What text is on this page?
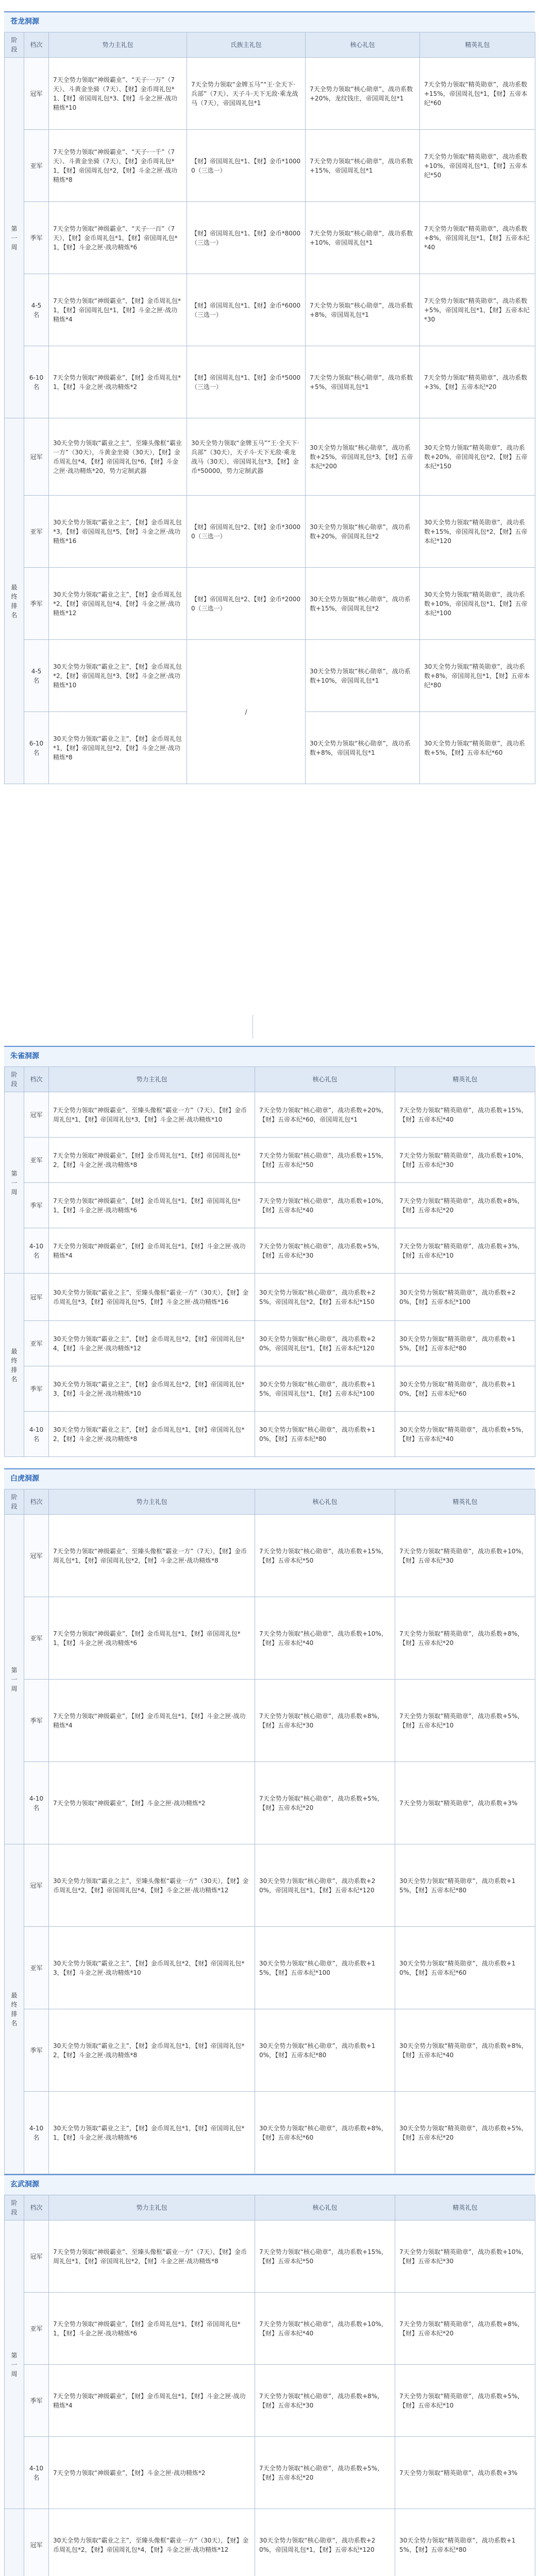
苍龙洞源
阶段	档次	势力主礼包	氏族主礼包	核心礼包	精英礼包
第一周	冠军	7天全势力领取“神级霸业”、“天子·一万”（7天）、斗黄金坐骑（7天）、【财】金币周礼包*1、【财】帝国周礼包*3、【财】斗金之匣·战功精炼*10	7天全势力领取“金牌玉马”“王·全天下·兵部”（7天）、天子斗·天下无敌·乘龙战马（7天），帝国周礼包*1	7天全势力领取“核心勋章”，战功系数+20%，龙纹钱庄，帝国周礼包*1	7天全势力领取“精英勋章”，战功系数+15%，帝国周礼包*1，【财】五帝本纪*60
	亚军	7天全势力领取“神级霸业”、“天子·一千”（7天）、斗黄金坐骑（7天），【财】金币周礼包*1，【财】帝国周礼包*2，【财】斗金之匣·战功精炼*8	【财】帝国周礼包*1、【财】金币*10000（三选一）	7天全势力领取“核心勋章”，战功系数+15%，帝国周礼包*1	7天全势力领取“精英勋章”，战功系数+10%，帝国周礼包*1，【财】五帝本纪*50
	季军	7天全势力领取“神级霸业”、“天子·一百”（7天），【财】金币周礼包*1，【财】帝国周礼包*1，【财】斗金之匣·战功精炼*6	【财】帝国周礼包*1、【财】金币*8000（三选一）	7天全势力领取“核心勋章”，战功系数+10%，帝国周礼包*1	7天全势力领取“精英勋章”，战功系数+8%，帝国周礼包*1，【财】五帝本纪*40
	4-5名	7天全势力领取“神级霸业”，【财】金币周礼包*1，【财】帝国周礼包*1，【财】斗金之匣·战功精炼*4	【财】帝国周礼包*1、【财】金币*6000（三选一）	7天全势力领取“核心勋章”，战功系数+8%，帝国周礼包*1	7天全势力领取“精英勋章”，战功系数+5%，帝国周礼包*1，【财】五帝本纪*30
	6-10名	7天全势力领取“神级霸业”，【财】金币周礼包*1，【财】斗金之匣·战功精炼*2	【财】帝国周礼包*1、【财】金币*5000（三选一）	7天全势力领取“核心勋章”，战功系数+5%，帝国周礼包*1	7天全势力领取“精英勋章”，战功系数+3%，【财】五帝本纪*20
最终排名	冠军	30天全势力领取“霸业之主”，至臻头像框“霸业一方”（30天），斗黄金坐骑（30天），【财】金币周礼包*4，【财】帝国周礼包*6，【财】斗金之匣·战功精炼*20，势力定制武器	30天全势力领取“金牌玉马”“王·全天下·兵部”（30天），天子斗·天下无敌·乘龙战马（30天），帝国周礼包*3，【财】金币*50000，势力定制武器	30天全势力领取“核心勋章”，战功系数+25%，帝国周礼包*3，【财】五帝本纪*200	30天全势力领取“精英勋章”，战功系数+20%，帝国周礼包*2，【财】五帝本纪*150
	亚军	30天全势力领取“霸业之主”，【财】金币周礼包*3，【财】帝国周礼包*5，【财】斗金之匣·战功精炼*16	【财】帝国周礼包*2、【财】金币*30000（三选一）	30天全势力领取“核心勋章”，战功系数+20%，帝国周礼包*2	30天全势力领取“精英勋章”，战功系数+15%，帝国周礼包*2，【财】五帝本纪*120
	季军	30天全势力领取“霸业之主”，【财】金币周礼包*2，【财】帝国周礼包*4，【财】斗金之匣·战功精炼*12	【财】帝国周礼包*2、【财】金币*20000（三选一）	30天全势力领取“核心勋章”，战功系数+15%，帝国周礼包*2	30天全势力领取“精英勋章”，战功系数+10%，帝国周礼包*1，【财】五帝本纪*100
	4-5名	30天全势力领取“霸业之主”，【财】金币周礼包*2，【财】帝国周礼包*3，【财】斗金之匣·战功精炼*10	/	30天全势力领取“核心勋章”，战功系数+10%，帝国周礼包*1	30天全势力领取“精英勋章”，战功系数+8%，帝国周礼包*1，【财】五帝本纪*80
	6-10名	30天全势力领取“霸业之主”，【财】金币周礼包*1，【财】帝国周礼包*2，【财】斗金之匣·战功精炼*8		30天全势力领取“核心勋章”，战功系数+8%，帝国周礼包*1	30天全势力领取“精英勋章”，战功系数+5%，【财】五帝本纪*60
朱雀洞源
阶段	档次	势力主礼包	核心礼包	精英礼包
第一周	冠军	7天全势力领取“神级霸业”、至臻头像框“霸业一方”（7天），【财】金币周礼包*1，【财】帝国周礼包*3，【财】斗金之匣·战功精炼*10	7天全势力领取“核心勋章”，战功系数+20%，【财】五帝本纪*60，帝国周礼包*1	7天全势力领取“精英勋章”，战功系数+15%，【财】五帝本纪*40
	亚军	7天全势力领取“神级霸业”，【财】金币周礼包*1，【财】帝国周礼包*2，【财】斗金之匣·战功精炼*8	7天全势力领取“核心勋章”，战功系数+15%，【财】五帝本纪*50	7天全势力领取“精英勋章”，战功系数+10%，【财】五帝本纪*30
	季军	7天全势力领取“神级霸业”，【财】金币周礼包*1，【财】帝国周礼包*1，【财】斗金之匣·战功精炼*6	7天全势力领取“核心勋章”，战功系数+10%，【财】五帝本纪*40	7天全势力领取“精英勋章”，战功系数+8%，【财】五帝本纪*20
	4-10名	7天全势力领取“神级霸业”，【财】金币周礼包*1，【财】斗金之匣·战功精炼*4	7天全势力领取“核心勋章”，战功系数+5%，【财】五帝本纪*30	7天全势力领取“精英勋章”，战功系数+3%，【财】五帝本纪*10
最终排名	冠军	30天全势力领取“霸业之主”，至臻头像框“霸业一方”（30天），【财】金币周礼包*3，【财】帝国周礼包*5，【财】斗金之匣·战功精炼*16	30天全势力领取“核心勋章”，战功系数+25%，帝国周礼包*2，【财】五帝本纪*150	30天全势力领取“精英勋章”，战功系数+20%，【财】五帝本纪*100
	亚军	30天全势力领取“霸业之主”，【财】金币周礼包*2，【财】帝国周礼包*4，【财】斗金之匣·战功精炼*12	30天全势力领取“核心勋章”，战功系数+20%，帝国周礼包*1，【财】五帝本纪*120	30天全势力领取“精英勋章”，战功系数+15%，【财】五帝本纪*80
	季军	30天全势力领取“霸业之主”，【财】金币周礼包*2，【财】帝国周礼包*3，【财】斗金之匣·战功精炼*10	30天全势力领取“核心勋章”，战功系数+15%，帝国周礼包*1，【财】五帝本纪*100	30天全势力领取“精英勋章”，战功系数+10%，【财】五帝本纪*60
	4-10名	30天全势力领取“霸业之主”，【财】金币周礼包*1，【财】帝国周礼包*2，【财】斗金之匣·战功精炼*8	30天全势力领取“核心勋章”，战功系数+10%，【财】五帝本纪*80	30天全势力领取“精英勋章”，战功系数+5%，【财】五帝本纪*40
白虎洞源
阶段	档次	势力主礼包	核心礼包	精英礼包
第一周	冠军	7天全势力领取“神级霸业”、至臻头像框“霸业一方”（7天），【财】金币周礼包*1，【财】帝国周礼包*2，【财】斗金之匣·战功精炼*8	7天全势力领取“核心勋章”，战功系数+15%，【财】五帝本纪*50	7天全势力领取“精英勋章”，战功系数+10%，【财】五帝本纪*30
	亚军	7天全势力领取“神级霸业”，【财】金币周礼包*1，【财】帝国周礼包*1，【财】斗金之匣·战功精炼*6	7天全势力领取“核心勋章”，战功系数+10%，【财】五帝本纪*40	7天全势力领取“精英勋章”，战功系数+8%，【财】五帝本纪*20
	季军	7天全势力领取“神级霸业”，【财】金币周礼包*1，【财】斗金之匣·战功精炼*4	7天全势力领取“核心勋章”，战功系数+8%，【财】五帝本纪*30	7天全势力领取“精英勋章”，战功系数+5%，【财】五帝本纪*10
	4-10名	7天全势力领取“神级霸业”，【财】斗金之匣·战功精炼*2	7天全势力领取“核心勋章”，战功系数+5%，【财】五帝本纪*20	7天全势力领取“精英勋章”，战功系数+3%
最终排名	冠军	30天全势力领取“霸业之主”，至臻头像框“霸业一方”（30天），【财】金币周礼包*2，【财】帝国周礼包*4，【财】斗金之匣·战功精炼*12	30天全势力领取“核心勋章”，战功系数+20%，帝国周礼包*1，【财】五帝本纪*120	30天全势力领取“精英勋章”，战功系数+15%，【财】五帝本纪*80
	亚军	30天全势力领取“霸业之主”，【财】金币周礼包*2，【财】帝国周礼包*3，【财】斗金之匣·战功精炼*10	30天全势力领取“核心勋章”，战功系数+15%，【财】五帝本纪*100	30天全势力领取“精英勋章”，战功系数+10%，【财】五帝本纪*60
	季军	30天全势力领取“霸业之主”，【财】金币周礼包*1，【财】帝国周礼包*2，【财】斗金之匣·战功精炼*8	30天全势力领取“核心勋章”，战功系数+10%，【财】五帝本纪*80	30天全势力领取“精英勋章”，战功系数+8%，【财】五帝本纪*40
	4-10名	30天全势力领取“霸业之主”，【财】金币周礼包*1，【财】帝国周礼包*1，【财】斗金之匣·战功精炼*6	30天全势力领取“核心勋章”，战功系数+8%，【财】五帝本纪*60	30天全势力领取“精英勋章”，战功系数+5%，【财】五帝本纪*20
玄武洞源
阶段	档次	势力主礼包	核心礼包	精英礼包
第一周	冠军	7天全势力领取“神级霸业”、至臻头像框“霸业一方”（7天），【财】金币周礼包*1，【财】帝国周礼包*2，【财】斗金之匣·战功精炼*8	7天全势力领取“核心勋章”，战功系数+15%，【财】五帝本纪*50	7天全势力领取“精英勋章”，战功系数+10%，【财】五帝本纪*30
	亚军	7天全势力领取“神级霸业”，【财】金币周礼包*1，【财】帝国周礼包*1，【财】斗金之匣·战功精炼*6	7天全势力领取“核心勋章”，战功系数+10%，【财】五帝本纪*40	7天全势力领取“精英勋章”，战功系数+8%，【财】五帝本纪*20
	季军	7天全势力领取“神级霸业”，【财】金币周礼包*1，【财】斗金之匣·战功精炼*4	7天全势力领取“核心勋章”，战功系数+8%，【财】五帝本纪*30	7天全势力领取“精英勋章”，战功系数+5%，【财】五帝本纪*10
	4-10名	7天全势力领取“神级霸业”，【财】斗金之匣·战功精炼*2	7天全势力领取“核心勋章”，战功系数+5%，【财】五帝本纪*20	7天全势力领取“精英勋章”，战功系数+3%
	冠军	30天全势力领取“霸业之主”，至臻头像框“霸业一方”（30天），【财】金币周礼包*2，【财】帝国周礼包*4，【财】斗金之匣·战功精炼*12	30天全势力领取“核心勋章”，战功系数+20%，帝国周礼包*1，【财】五帝本纪*120	30天全势力领取“精英勋章”，战功系数+15%，【财】五帝本纪*80
